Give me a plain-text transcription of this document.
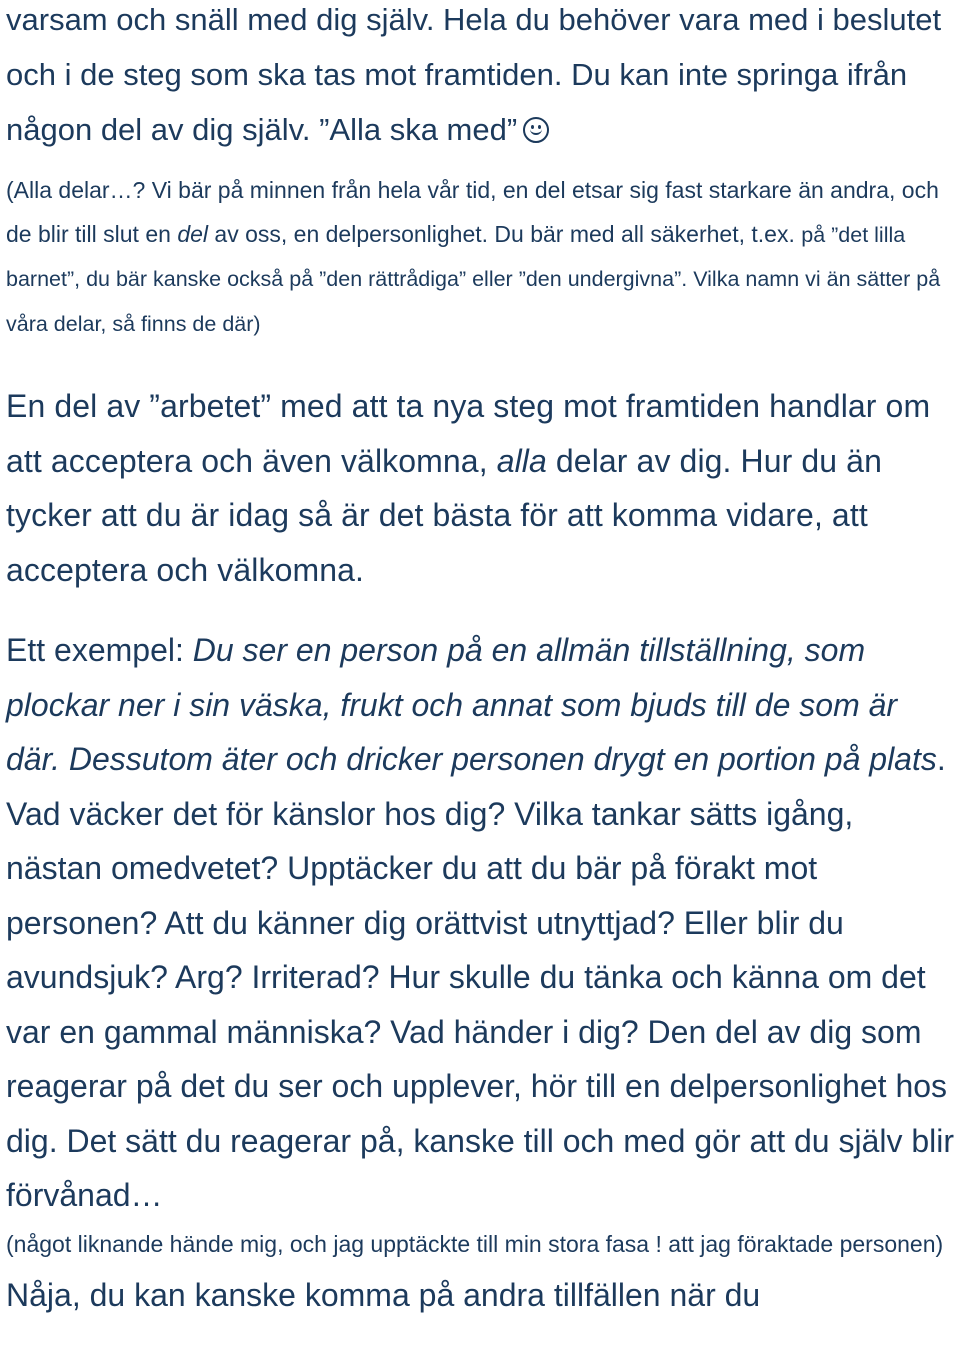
varsam och snäll med dig själv. Hela du behöver vara med i beslutet och i de steg som ska tas mot framtiden. Du kan inte springa ifrån någon del av dig själv. ”Alla ska med”

(Alla delar…? Vi bär på minnen från hela vår tid, en del etsar sig fast starkare än andra, och de blir till slut en del av oss, en delpersonlighet. Du bär med all säkerhet, t.ex. på ”det lilla barnet”, du bär kanske också på ”den rättrådiga” eller ”den undergivna”. Vilka namn vi än sätter på våra delar, så finns de där)

En del av ”arbetet” med att ta nya steg mot framtiden handlar om att acceptera och även välkomna, alla delar av dig. Hur du än tycker att du är idag så är det bästa för att komma vidare, att acceptera och välkomna.

Ett exempel: Du ser en person på en allmän tillställning, som plockar ner i sin väska, frukt och annat som bjuds till de som är där. Dessutom äter och dricker personen drygt en portion på plats. Vad väcker det för känslor hos dig? Vilka tankar sätts igång, nästan omedvetet? Upptäcker du att du bär på förakt mot personen? Att du känner dig orättvist utnyttjad? Eller blir du avundsjuk? Arg? Irriterad? Hur skulle du tänka och känna om det var en gammal människa? Vad händer i dig? Den del av dig som reagerar på det du ser och upplever, hör till en delpersonlighet hos dig. Det sätt du reagerar på, kanske till och med gör att du själv blir förvånad…

(något liknande hände mig, och jag upptäckte till min stora fasa ! att jag föraktade personen)

Nåja, du kan kanske komma på andra tillfällen när du
